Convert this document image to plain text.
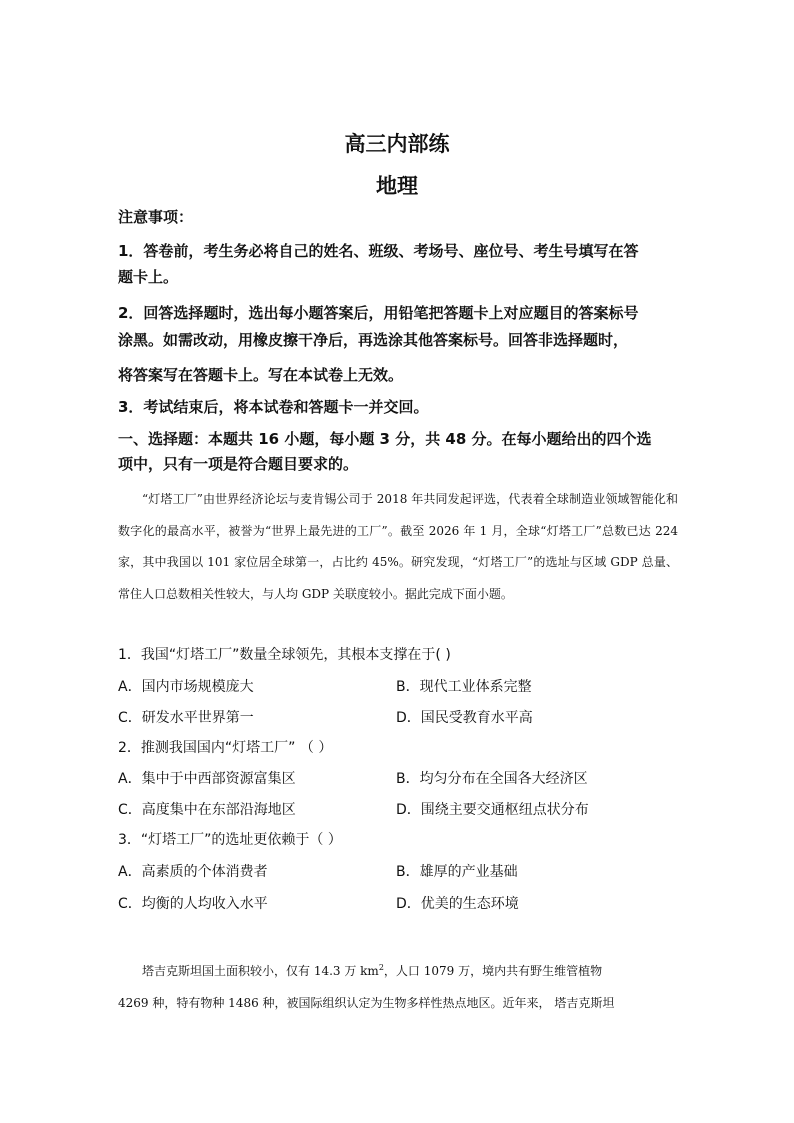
高三内部练
地理
注意事项：
1．答卷前，考生务必将自己的姓名、班级、考场号、座位号、考生号填写在答
题卡上。
2．回答选择题时，选出每小题答案后，用铅笔把答题卡上对应题目的答案标号
涂黑。如需改动，用橡皮擦干净后，再选涂其他答案标号。回答非选择题时，
将答案写在答题卡上。写在本试卷上无效。
3．考试结束后，将本试卷和答题卡一并交回。
一、选择题：本题共 16 小题，每小题 3 分，共 48 分。在每小题给出的四个选
项中，只有一项是符合题目要求的。

“灯塔工厂”由世界经济论坛与麦肯锡公司于 2018 年共同发起评选，代表着全球制造业领域智能化和数字化的最高水平，被誉为“世界上最先进的工厂”。截至 2026 年 1 月，全球“灯塔工厂”总数已达 224 家，其中我国以 101 家位居全球第一，占比约 45%。研究发现，“灯塔工厂”的选址与区域 GDP 总量、常住人口总数相关性较大，与人均 GDP 关联度较小。据此完成下面小题。

1．我国“灯塔工厂”数量全球领先，其根本支撑在于( )
A．国内市场规模庞大	B．现代工业体系完整
C．研发水平世界第一	D．国民受教育水平高
2．推测我国国内“灯塔工厂” （ ）
A．集中于中西部资源富集区	B．均匀分布在全国各大经济区
C．高度集中在东部沿海地区	D．围绕主要交通枢纽点状分布
3．“灯塔工厂”的选址更依赖于（ ）
A．高素质的个体消费者	B．雄厚的产业基础
C．均衡的人均收入水平	D．优美的生态环境

塔吉克斯坦国土面积较小，仅有 14.3 万 $km^2$，人口 1079 万，境内共有野生维管植物

4269 种，特有物种 1486 种，被国际组织认定为生物多样性热点地区。近年来， 塔吉克斯坦
